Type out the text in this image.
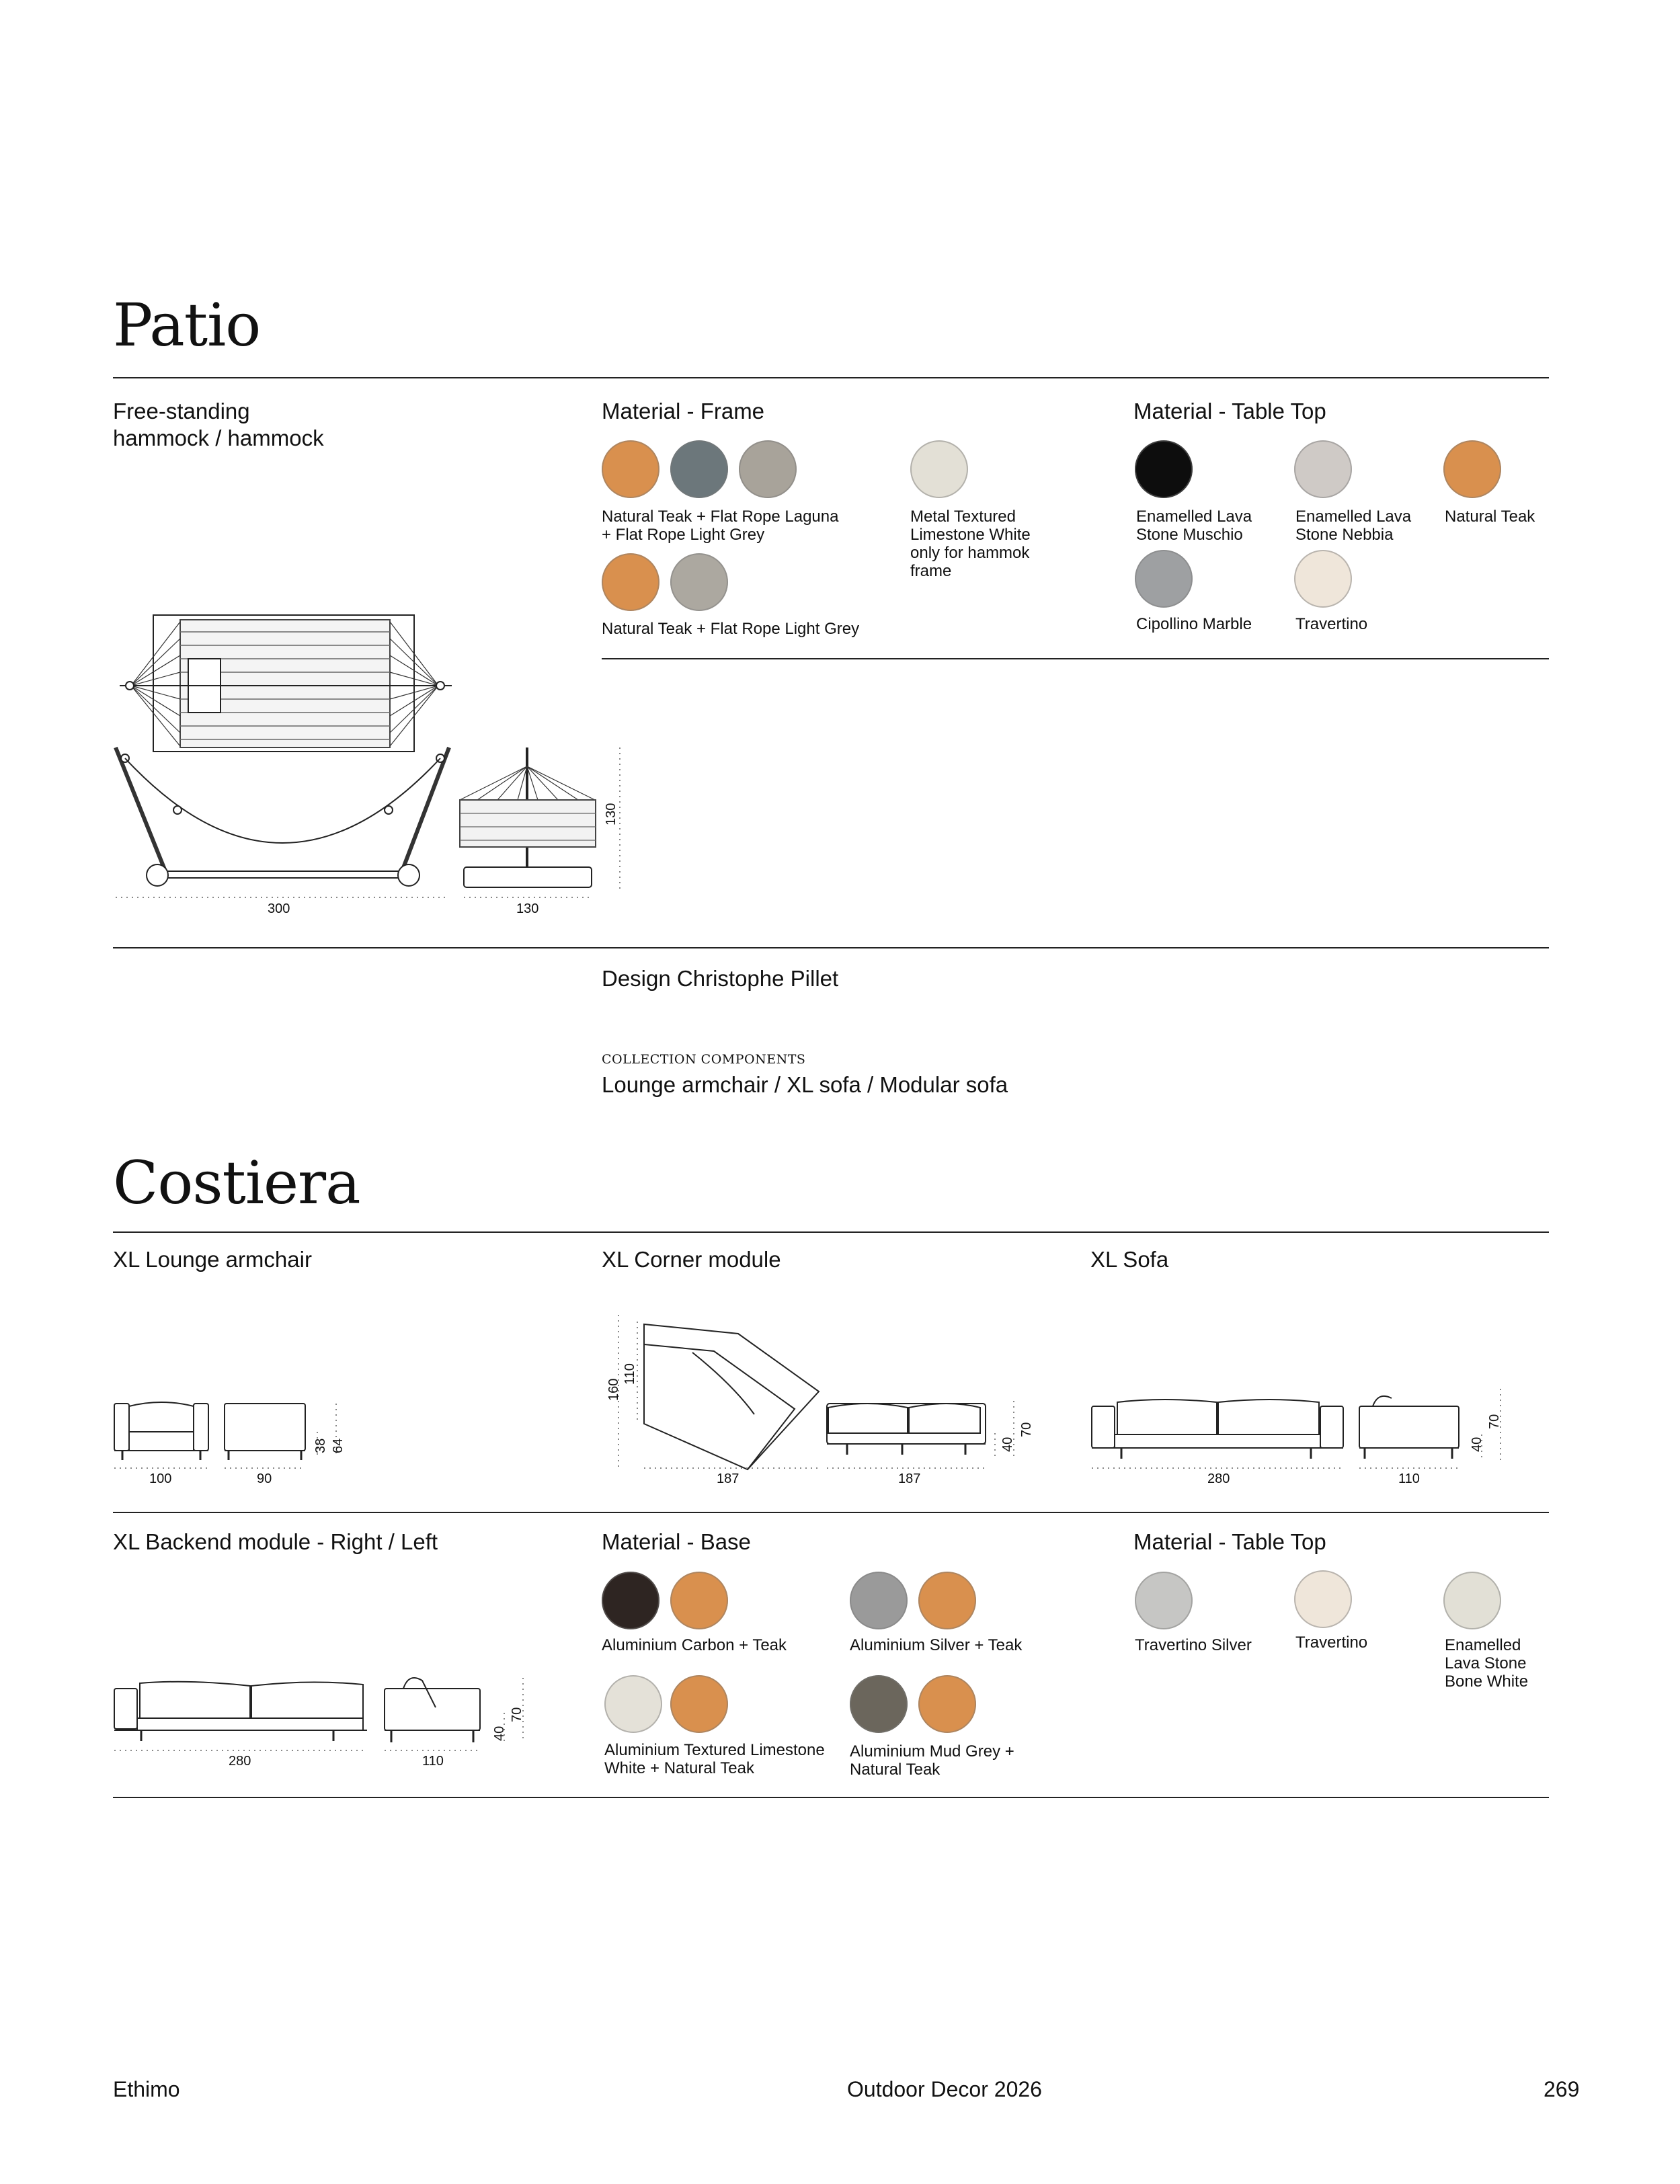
Patio
Free-standing
hammock / hammock
Material - Frame
Natural Teak + Flat Rope Laguna
+ Flat Rope Light Grey
Metal Textured
Limestone White
only for hammok
frame
Natural Teak + Flat Rope Light Grey
Material - Table Top
Enamelled Lava
Stone Muschio
Enamelled Lava
Stone Nebbia
Natural Teak
Cipollino Marble	Travertino
300	130
130
Design Christophe Pillet
COLLECTION COMPONENTS
Lounge armchair / XL sofa / Modular sofa
Costiera
XL Lounge armchair	XL Corner module	XL Sofa
100	90
38 64
160
110
187	187
40
70
280	110
40
70
XL Backend module - Right / Left
280	110
40
70
Material - Base
Aluminium Carbon + Teak	Aluminium Silver + Teak
Aluminium Textured Limestone
White + Natural Teak
Aluminium Mud Grey +
Natural Teak
Material - Table Top
Travertino Silver	Travertino	Enamelled
Lava Stone
Bone White
Ethimo	Outdoor Decor 2026	269
